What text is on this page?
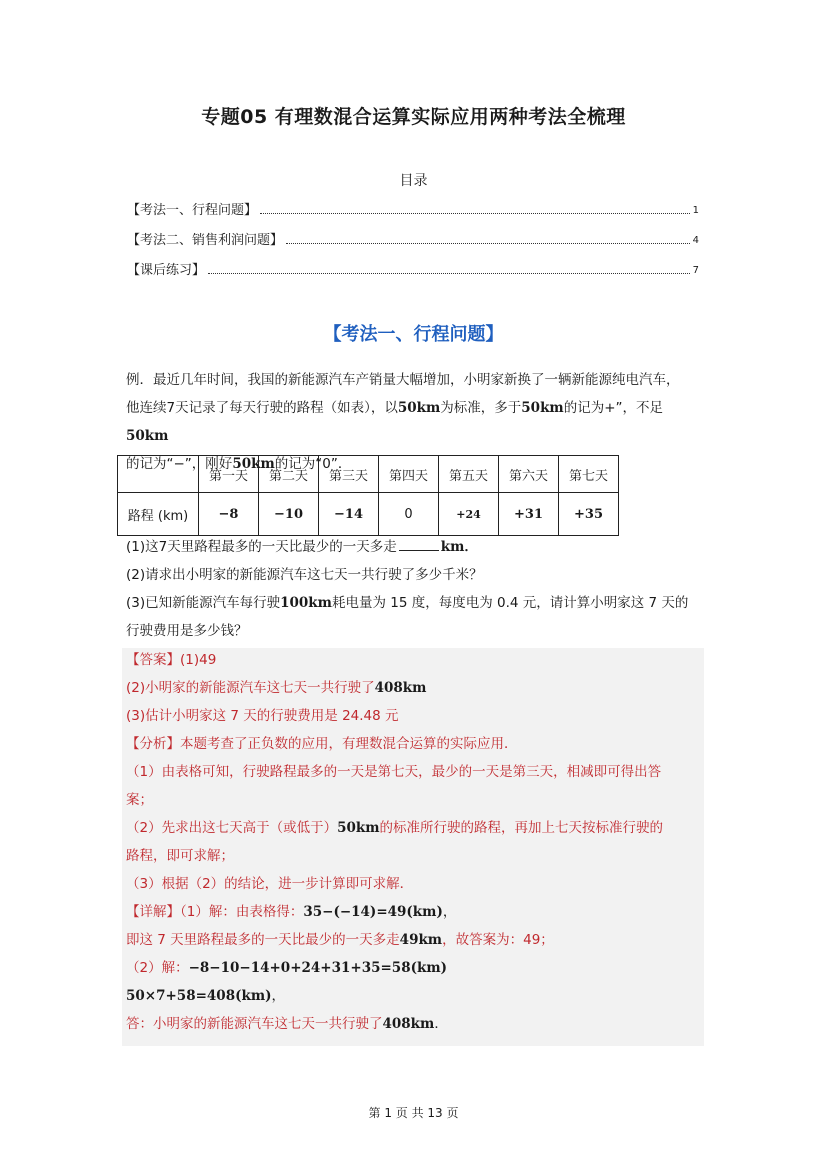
专题05 有理数混合运算实际应用两种考法全梳理
目录
【考法一、行程问题】	1
【考法二、销售利润问题】	4
【课后练习】	7
【考法一、行程问题】
例．最近几年时间，我国的新能源汽车产销量大幅增加，小明家新换了一辆新能源纯电汽车，
他连续7天记录了每天行驶的路程（如表），以50km为标准，多于50km的记为+”，不足50km
的记为“−”，刚好50km的记为“0”．
	第一天	第二天	第三天	第四天	第五天	第六天	第七天
路程 (km)	−8	−10	−14	0	+24	+31	+35
(1)这7天里路程最多的一天比最少的一天多走	km．
(2)请求出小明家的新能源汽车这七天一共行驶了多少千米？
(3)已知新能源汽车每行驶100km耗电量为 15 度，每度电为 0.4 元，请计算小明家这 7 天的
行驶费用是多少钱？
【答案】(1)49
(2)小明家的新能源汽车这七天一共行驶了408km
(3)估计小明家这 7 天的行驶费用是 24.48 元
【分析】本题考查了正负数的应用，有理数混合运算的实际应用．
（1）由表格可知，行驶路程最多的一天是第七天，最少的一天是第三天，相减即可得出答
案；
（2）先求出这七天高于（或低于）50km的标准所行驶的路程，再加上七天按标准行驶的
路程，即可求解；
（3）根据（2）的结论，进一步计算即可求解．
【详解】（1）解：由表格得：35−(−14)=49(km)，
即这 7 天里路程最多的一天比最少的一天多走49km，故答案为：49；
（2）解：−8−10−14+0+24+31+35=58(km)
50×7+58=408(km)，
答：小明家的新能源汽车这七天一共行驶了408km．
第 1 页 共 13 页
